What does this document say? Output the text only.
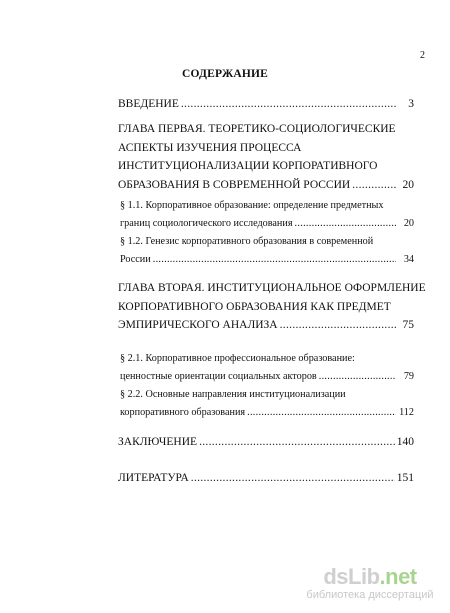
2
СОДЕРЖАНИЕ
ВВЕДЕНИЕ .....	3
ГЛАВА ПЕРВАЯ. ТЕОРЕТИКО-СОЦИОЛОГИЧЕСКИЕ
АСПЕКТЫ ИЗУЧЕНИЯ ПРОЦЕССА
ИНСТИТУЦИОНАЛИЗАЦИИ КОРПОРАТИВНОГО
ОБРАЗОВАНИЯ В СОВРЕМЕННОЙ РОССИИ .....	20
§ 1.1. Корпоративное образование: определение предметных
границ социологического исследования .....	20
§ 1.2. Генезис корпоративного образования в современной
России .....	34
ГЛАВА ВТОРАЯ. ИНСТИТУЦИОНАЛЬНОЕ ОФОРМЛЕНИЕ
КОРПОРАТИВНОГО ОБРАЗОВАНИЯ КАК ПРЕДМЕТ
ЭМПИРИЧЕСКОГО АНАЛИЗА .....	75
§ 2.1. Корпоративное профессиональное образование:
ценностные ориентации социальных акторов .....	79
§ 2.2. Основные направления институционализации
корпоративного образования .....	112
ЗАКЛЮЧЕНИЕ .....	140
ЛИТЕРАТУРА .....	151
dsLib.net
библиотека диссертаций
